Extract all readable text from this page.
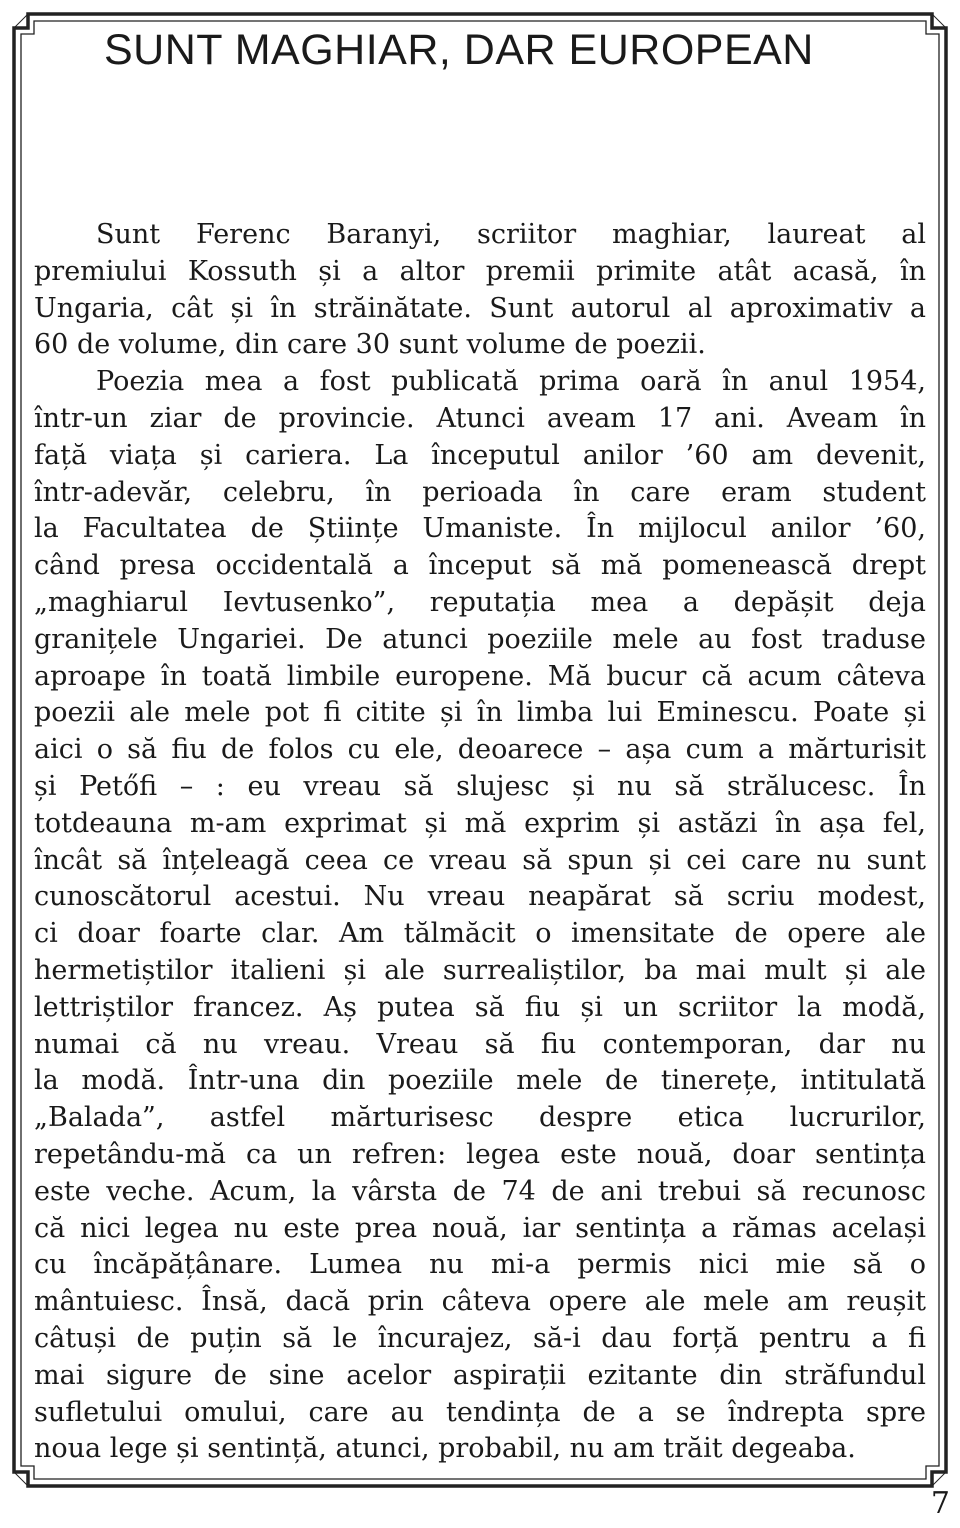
SUNT MAGHIAR, DAR EUROPEAN
Sunt Ferenc Baranyi, scriitor maghiar, laureat al
premiului Kossuth și a altor premii primite atât acasă, în
Ungaria, cât și în străinătate. Sunt autorul al aproximativ a
60 de volume, din care 30 sunt volume de poezii.
Poezia mea a fost publicată prima oară în anul 1954,
într-un ziar de provincie. Atunci aveam 17 ani. Aveam în
față viața și cariera. La începutul anilor ’60 am devenit,
într-adevăr, celebru, în perioada în care eram student
la Facultatea de Științe Umaniste. În mijlocul anilor ’60,
când presa occidentală a început să mă pomenească drept
„maghiarul Ievtusenko”, reputația mea a depășit deja
granițele Ungariei. De atunci poeziile mele au fost traduse
aproape în toată limbile europene. Mă bucur că acum câteva
poezii ale mele pot fi citite și în limba lui Eminescu. Poate și
aici o să fiu de folos cu ele, deoarece – așa cum a mărturisit
și Petőfi – : eu vreau să slujesc și nu să strălucesc. În
totdeauna m-am exprimat și mă exprim și astăzi în așa fel,
încât să înțeleagă ceea ce vreau să spun și cei care nu sunt
cunoscătorul acestui. Nu vreau neapărat să scriu modest,
ci doar foarte clar. Am tălmăcit o imensitate de opere ale
hermetiștilor italieni și ale surrealiștilor, ba mai mult și ale
lettriștilor francez. Aș putea să fiu și un scriitor la modă,
numai că nu vreau. Vreau să fiu contemporan, dar nu
la modă. Într-una din poeziile mele de tinerețe, intitulată
„Balada”, astfel mărturisesc despre etica lucrurilor,
repetându-mă ca un refren: legea este nouă, doar sentința
este veche. Acum, la vârsta de 74 de ani trebui să recunosc
că nici legea nu este prea nouă, iar sentința a rămas același
cu încăpățânare. Lumea nu mi-a permis nici mie să o
mântuiesc. Însă, dacă prin câteva opere ale mele am reușit
câtuși de puțin să le încurajez, să-i dau forță pentru a fi
mai sigure de sine acelor aspirații ezitante din străfundul
sufletului omului, care au tendința de a se îndrepta spre
noua lege și sentință, atunci, probabil, nu am trăit degeaba.

7
